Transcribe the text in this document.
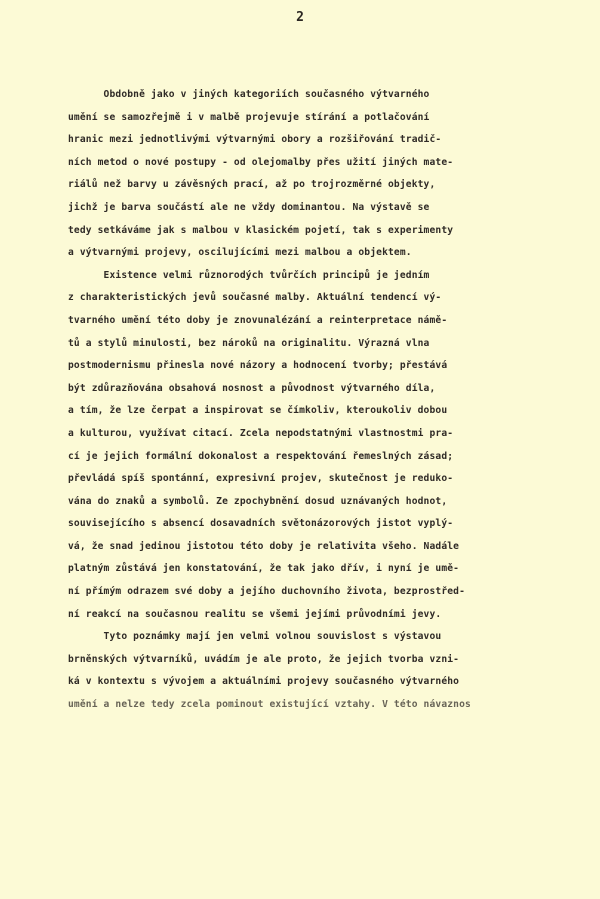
2
Obdobně jako v jiných kategoriích současného výtvarného
umění se samozřejmě i v malbě projevuje stírání a potlačování
hranic mezi jednotlivými výtvarnými obory a rozšiřování tradič-
ních metod o nové postupy - od olejomalby přes užití jiných mate-
riálů než barvy u závěsných prací, až po trojrozměrné objekty,
jichž je barva součástí ale ne vždy dominantou. Na výstavě se
tedy setkáváme jak s malbou v klasickém pojetí, tak s experimenty
a výtvarnými projevy, oscilujícími mezi malbou a objektem.
Existence velmi různorodých tvůrčích principů je jedním
z charakteristických jevů současné malby. Aktuální tendencí vý-
tvarného umění této doby je znovunalézání a reinterpretace námě-
tů a stylů minulosti, bez nároků na originalitu. Výrazná vlna
postmodernismu přinesla nové názory a hodnocení tvorby; přestává
být zdůrazňována obsahová nosnost a původnost výtvarného díla,
a tím, že lze čerpat a inspirovat se čímkoliv, kteroukoliv dobou
a kulturou, využívat citací. Zcela nepodstatnými vlastnostmi pra-
cí je jejich formální dokonalost a respektování řemeslných zásad;
převládá spíš spontánní, expresivní projev, skutečnost je reduko-
vána do znaků a symbolů. Ze zpochybnění dosud uznávaných hodnot,
souvisejícího s absencí dosavadních světonázorových jistot vyplý-
vá, že snad jedinou jistotou této doby je relativita všeho. Nadále
platným zůstává jen konstatování, že tak jako dřív, i nyní je umě-
ní přímým odrazem své doby a jejího duchovního života, bezprostřed-
ní reakcí na současnou realitu se všemi jejími průvodními jevy.
Tyto poznámky mají jen velmi volnou souvislost s výstavou
brněnských výtvarníků, uvádím je ale proto, že jejich tvorba vzni-
ká v kontextu s vývojem a aktuálními projevy současného výtvarného
umění a nelze tedy zcela pominout existující vztahy. V této návaznos
